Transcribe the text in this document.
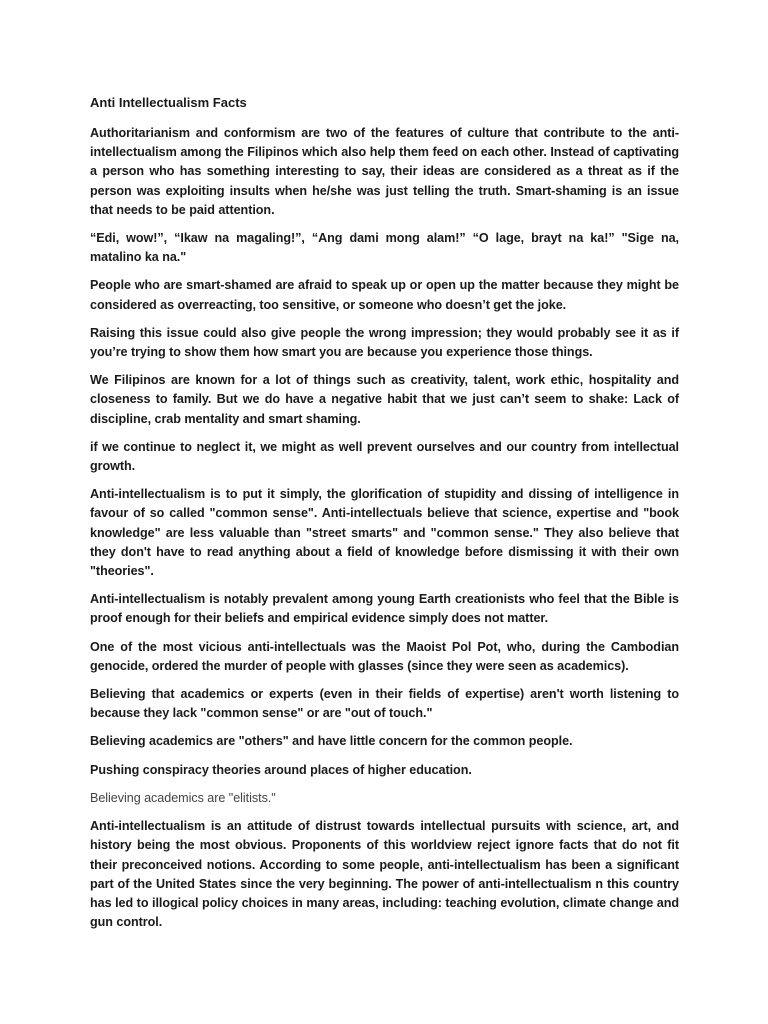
Anti Intellectualism Facts

Authoritarianism and conformism are two of the features of culture that contribute to the anti-intellectualism among the Filipinos which also help them feed on each other. Instead of captivating a person who has something interesting to say, their ideas are considered as a threat as if the person was exploiting insults when he/she was just telling the truth. Smart-shaming is an issue that needs to be paid attention.

“Edi, wow!”, “Ikaw na magaling!”, “Ang dami mong alam!” “O lage, brayt na ka!” "Sige na, matalino ka na."

People who are smart-shamed are afraid to speak up or open up the matter because they might be considered as overreacting, too sensitive, or someone who doesn’t get the joke.

Raising this issue could also give people the wrong impression; they would probably see it as if you’re trying to show them how smart you are because you experience those things.

We Filipinos are known for a lot of things such as creativity, talent, work ethic, hospitality and closeness to family. But we do have a negative habit that we just can’t seem to shake: Lack of discipline, crab mentality and smart shaming.

if we continue to neglect it, we might as well prevent ourselves and our country from intellectual growth.

Anti-intellectualism is to put it simply, the glorification of stupidity and dissing of intelligence in favour of so called "common sense". Anti-intellectuals believe that science, expertise and "book knowledge" are less valuable than "street smarts" and "common sense." They also believe that they don't have to read anything about a field of knowledge before dismissing it with their own "theories".

Anti-intellectualism is notably prevalent among young Earth creationists who feel that the Bible is proof enough for their beliefs and empirical evidence simply does not matter.

One of the most vicious anti-intellectuals was the Maoist Pol Pot, who, during the Cambodian genocide, ordered the murder of people with glasses (since they were seen as academics).

Believing that academics or experts (even in their fields of expertise) aren't worth listening to because they lack "common sense" or are "out of touch."

Believing academics are "others" and have little concern for the common people.

Pushing conspiracy theories around places of higher education.

Believing academics are "elitists."

Anti-intellectualism is an attitude of distrust towards intellectual pursuits with science, art, and history being the most obvious. Proponents of this worldview reject ignore facts that do not fit their preconceived notions. According to some people, anti-intellectualism has been a significant part of the United States since the very beginning. The power of anti-intellectualism n this country has led to illogical policy choices in many areas, including: teaching evolution, climate change and gun control.
